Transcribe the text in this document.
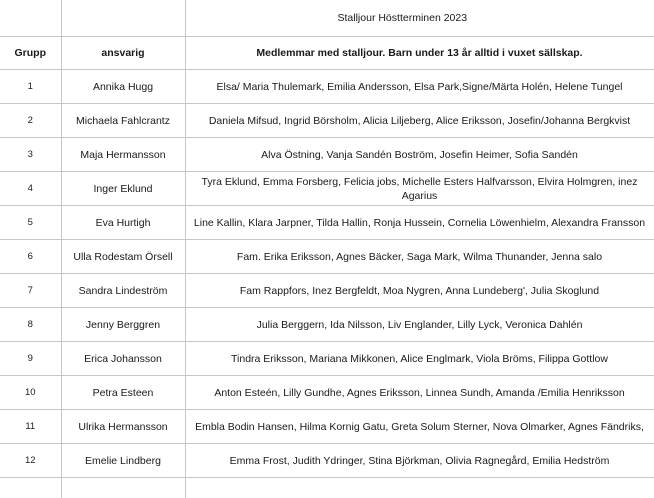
		Stalljour Höstterminen 2023
Grupp	ansvarig	Medlemmar med stalljour. Barn under 13 år alltid i vuxet sällskap.
1	Annika Hugg	Elsa/ Maria Thulemark, Emilia Andersson, Elsa Park,Signe/Märta Holén, Helene Tungel
2	Michaela Fahlcrantz	Daniela Mifsud, Ingrid Börsholm, Alicia Liljeberg, Alice Eriksson, Josefin/Johanna Bergkvist
3	Maja Hermansson	Alva Östning, Vanja Sandén Boström, Josefin Heimer, Sofia Sandén
4	Inger Eklund	Tyra Eklund, Emma Forsberg, Felicia jobs, Michelle Esters Halfvarsson, Elvira Holmgren, inez Agarius
5	Eva Hurtigh	Line Kallin, Klara Jarpner, Tilda Hallin, Ronja Hussein, Cornelia Löwenhielm, Alexandra Fransson
6	Ulla Rodestam Örsell	Fam. Erika Eriksson, Agnes Bäcker, Saga Mark, Wilma Thunander, Jenna salo
7	Sandra Lindeström	Fam Rappfors, Inez Bergfeldt, Moa Nygren, Anna Lundeberg', Julia Skoglund
8	Jenny Berggren	Julia Berggern, Ida Nilsson, Liv Englander, Lilly Lyck, Veronica Dahlén
9	Erica Johansson	Tindra Eriksson, Mariana Mikkonen, Alice Englmark, Viola Bröms, Filippa Gottlow
10	Petra Esteen	Anton Esteén, Lilly Gundhe, Agnes Eriksson, Linnea Sundh, Amanda /Emilia Henriksson
11	Ulrika Hermansson	Embla Bodin Hansen, Hilma Kornig Gatu, Greta Solum Sterner, Nova Olmarker, Agnes Fändriks,
12	Emelie Lindberg	Emma Frost, Judith Ydringer, Stina Björkman, Olivia Ragnegård, Emilia Hedström
